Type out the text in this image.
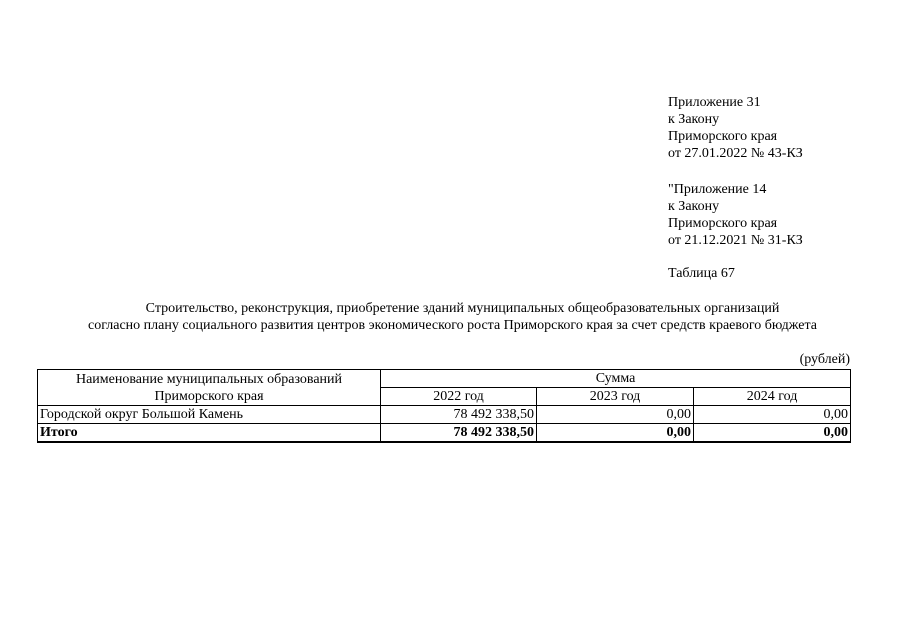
Приложение 31
к Закону
Приморского края
от 27.01.2022 № 43-КЗ
"Приложение 14
к Закону
Приморского края
от 21.12.2021 № 31-КЗ
Таблица 67
Строительство, реконструкция, приобретение зданий муниципальных общеобразовательных организаций
согласно плану социального развития центров экономического роста Приморского края за счет средств краевого бюджета
(рублей)
Наименование муниципальных образований
Приморского края	Сумма		
	2022 год	2023 год	2024 год
Городской округ Большой Камень	78 492 338,50	0,00	0,00
Итого	78 492 338,50	0,00	0,00
